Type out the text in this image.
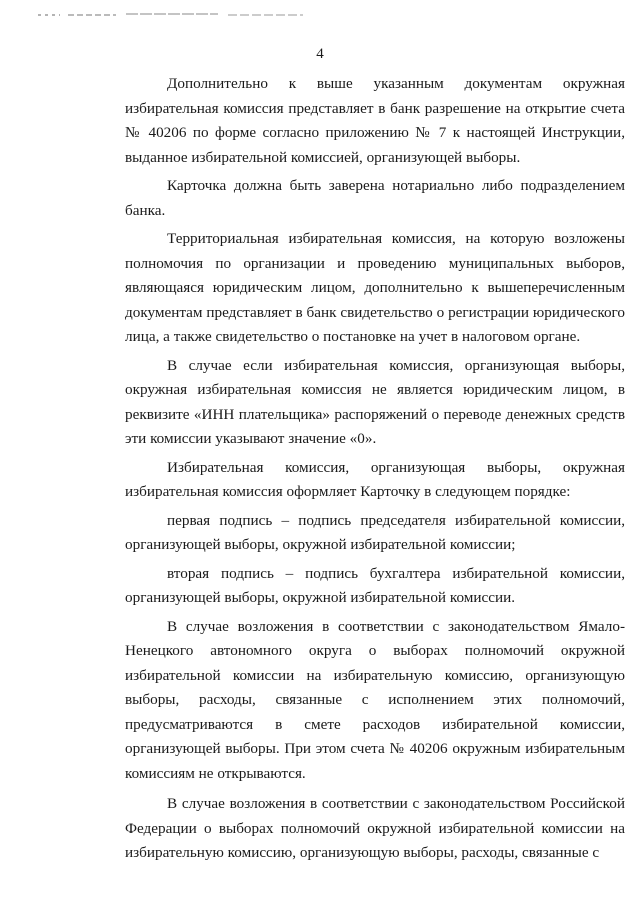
4

Дополнительно к выше указанным документам окружная избирательная комиссия представляет в банк разрешение на открытие счета № 40206 по форме согласно приложению № 7 к настоящей Инструкции, выданное избирательной комиссией, организующей выборы.

Карточка должна быть заверена нотариально либо подразделением банка.

Территориальная избирательная комиссия, на которую возложены полномочия по организации и проведению муниципальных выборов, являющаяся юридическим лицом, дополнительно к вышеперечисленным документам представляет в банк свидетельство о регистрации юридического лица, а также свидетельство о постановке на учет в налоговом органе.

В случае если избирательная комиссия, организующая выборы, окружная избирательная комиссия не является юридическим лицом, в реквизите «ИНН плательщика» распоряжений о переводе денежных средств эти комиссии указывают значение «0».

Избирательная комиссия, организующая выборы, окружная избирательная комиссия оформляет Карточку в следующем порядке:

первая подпись – подпись председателя избирательной комиссии, организующей выборы, окружной избирательной комиссии;

вторая подпись – подпись бухгалтера избирательной комиссии, организующей выборы, окружной избирательной комиссии.

В случае возложения в соответствии с законодательством Ямало-Ненецкого автономного округа о выборах полномочий окружной избирательной комиссии на избирательную комиссию, организующую выборы, расходы, связанные с исполнением этих полномочий, предусматриваются в смете расходов избирательной комиссии, организующей выборы. При этом счета № 40206 окружным избирательным комиссиям не открываются.

В случае возложения в соответствии с законодательством Российской Федерации о выборах полномочий окружной избирательной комиссии на избирательную комиссию, организующую выборы, расходы, связанные с
